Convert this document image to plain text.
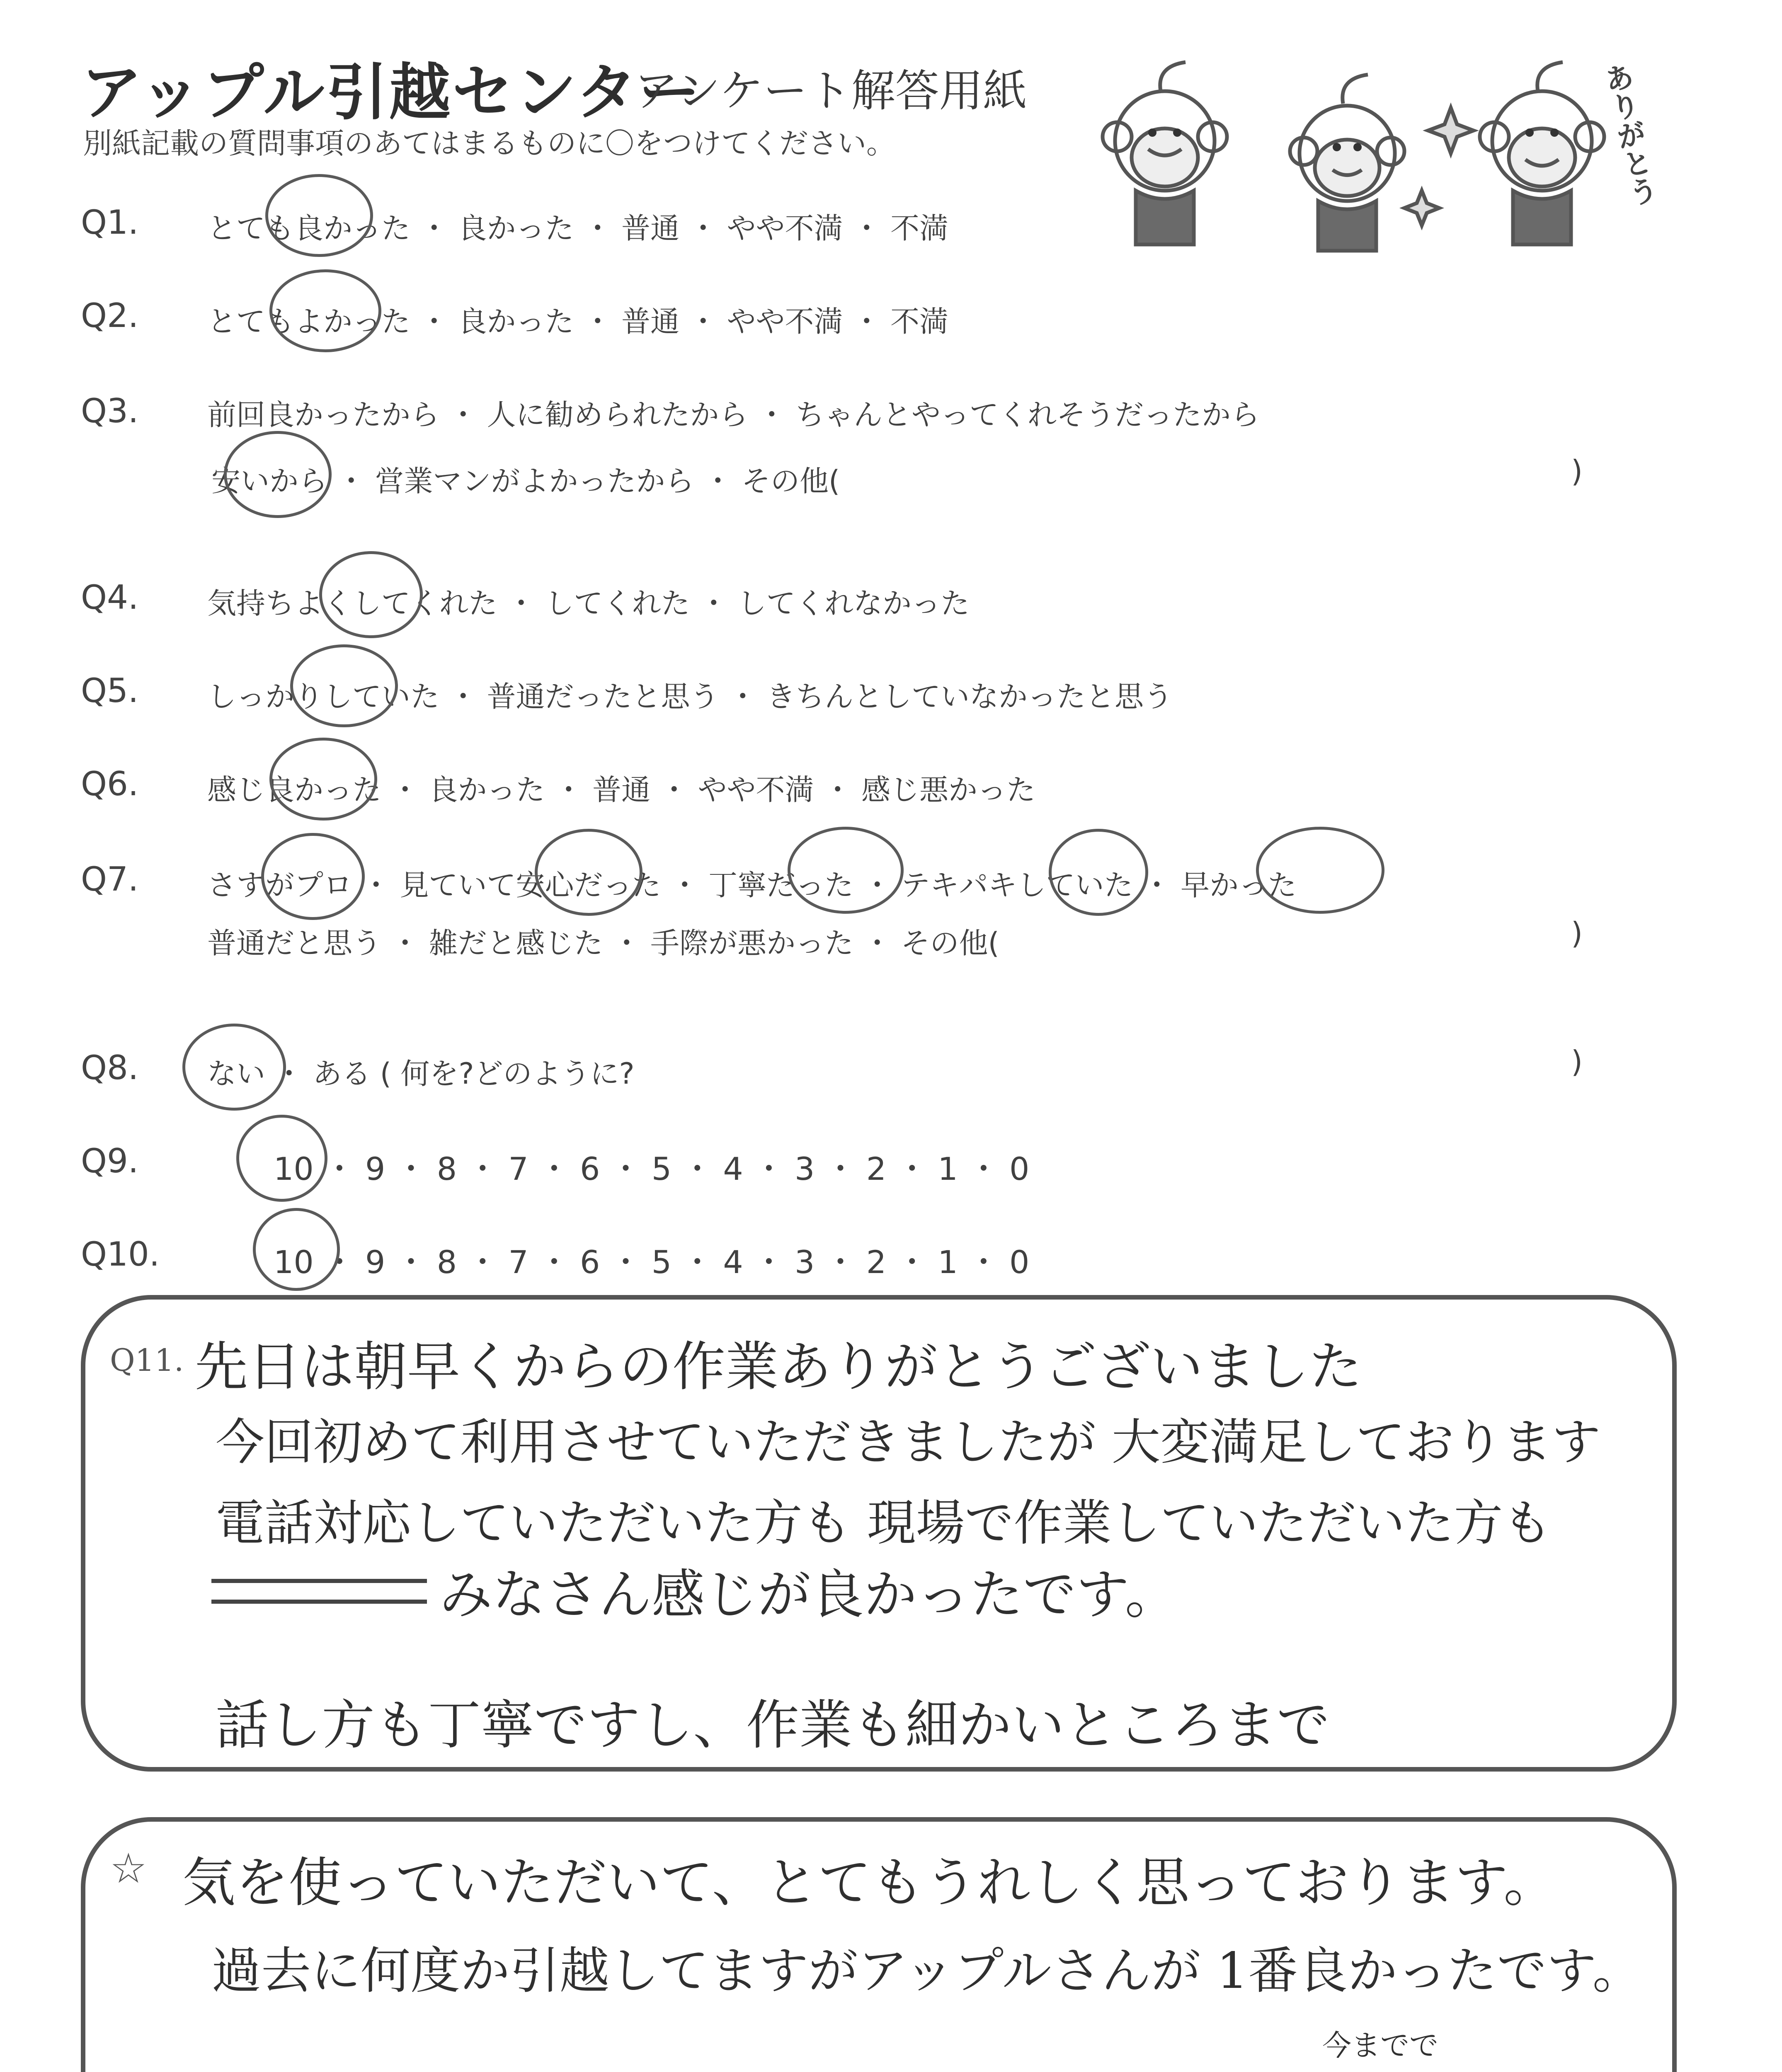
アップル引越センター
アンケート解答用紙
別紙記載の質問事項のあてはまるものに〇をつけてください。	ありがとう
Q1. とても良かった ・ 良かった ・ 普通 ・ やや不満 ・ 不満
Q2. とてもよかった ・ 良かった ・ 普通 ・ やや不満 ・ 不満
Q3. 前回良かったから ・ 人に勧められたから ・ ちゃんとやってくれそうだったから
安いから ・ 営業マンがよかったから ・ その他(	)
Q4. 気持ちよくしてくれた ・ してくれた ・ してくれなかった
Q5. しっかりしていた ・ 普通だったと思う ・ きちんとしていなかったと思う
Q6. 感じ良かった ・ 良かった ・ 普通 ・ やや不満 ・ 感じ悪かった
Q7. さすがプロ ・ 見ていて安心だった ・ 丁寧だった ・ テキパキしていた ・ 早かった
普通だと思う ・ 雑だと感じた ・ 手際が悪かった ・ その他(	)
Q8. ない ・ ある ( 何を?どのように?	)
Q9.	10 ・ 9 ・ 8 ・ 7 ・ 6 ・ 5 ・ 4 ・ 3 ・ 2 ・ 1 ・ 0
Q10.	10 ・ 9 ・ 8 ・ 7 ・ 6 ・ 5 ・ 4 ・ 3 ・ 2 ・ 1 ・ 0
Q11. 先日は朝早くからの作業ありがとうございました
今回初めて利用させていただきましたが 大変満足しております
電話対応していただいた方も 現場で作業していただいた方も
みなさん感じが良かったです。
話し方も丁寧ですし、作業も細かいところまで
☆ 気を使っていただいて、とてもうれしく思っております。
過去に何度か引越してますがアップルさんが 1番良かったです。
今までで
